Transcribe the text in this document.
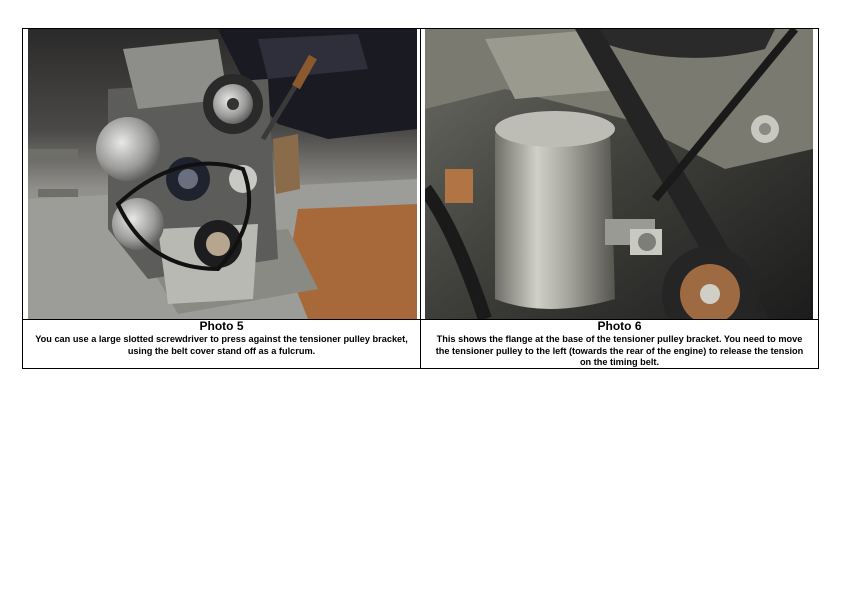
Photo 5
You can use a large slotted screwdriver to press against the tensioner pulley bracket, using the belt cover stand off as a fulcrum.
Photo 6
This shows the flange at the base of the tensioner pulley bracket. You need to move the tensioner pulley to the left (towards the rear of the engine) to release the tension on the timing belt.
